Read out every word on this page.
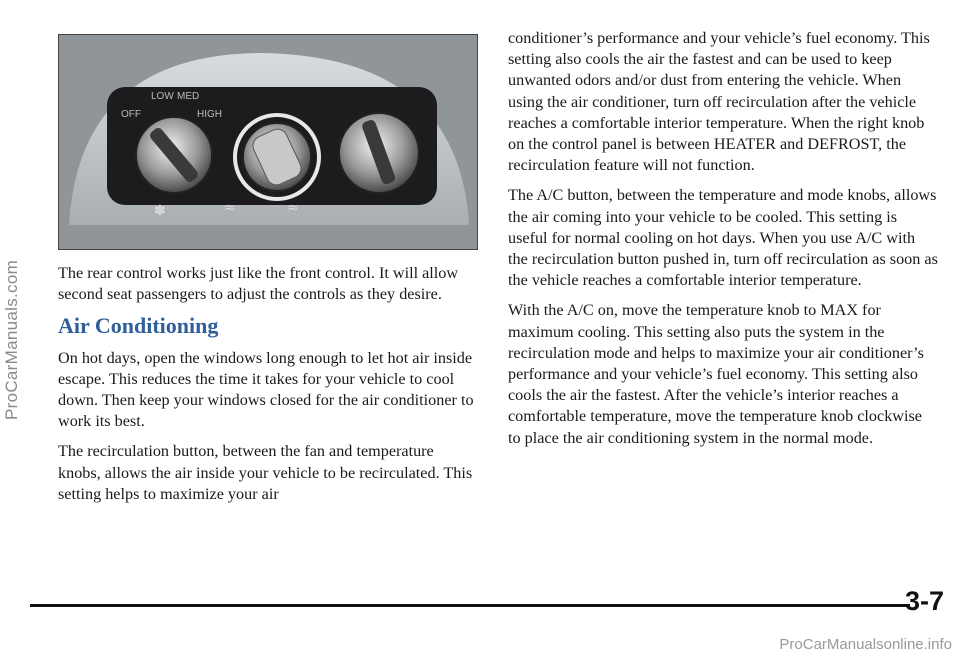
ProCarManuals.com
OFF
LOW MED
HIGH
✽	≈	≈

The rear control works just like the front control. It will allow second seat passengers to adjust the controls as they desire.

Air Conditioning

On hot days, open the windows long enough to let hot air inside escape. This reduces the time it takes for your vehicle to cool down. Then keep your windows closed for the air conditioner to work its best.

The recirculation button, between the fan and temperature knobs, allows the air inside your vehicle to be recirculated. This setting helps to maximize your air

conditioner’s performance and your vehicle’s fuel economy. This setting also cools the air the fastest and can be used to keep unwanted odors and/or dust from entering the vehicle. When using the air conditioner, turn off recirculation after the vehicle reaches a comfortable interior temperature. When the right knob on the control panel is between HEATER and DEFROST, the recirculation feature will not function.

The A/C button, between the temperature and mode knobs, allows the air coming into your vehicle to be cooled. This setting is useful for normal cooling on hot days. When you use A/C with the recirculation button pushed in, turn off recirculation as soon as the vehicle reaches a comfortable interior temperature.

With the A/C on, move the temperature knob to MAX for maximum cooling. This setting also puts the system in the recirculation mode and helps to maximize your air conditioner’s performance and your vehicle’s fuel economy. This setting also cools the air the fastest. After the vehicle’s interior reaches a comfortable temperature, move the temperature knob clockwise to place the air conditioning system in the normal mode.

3-7
ProCarManualsonline.info
